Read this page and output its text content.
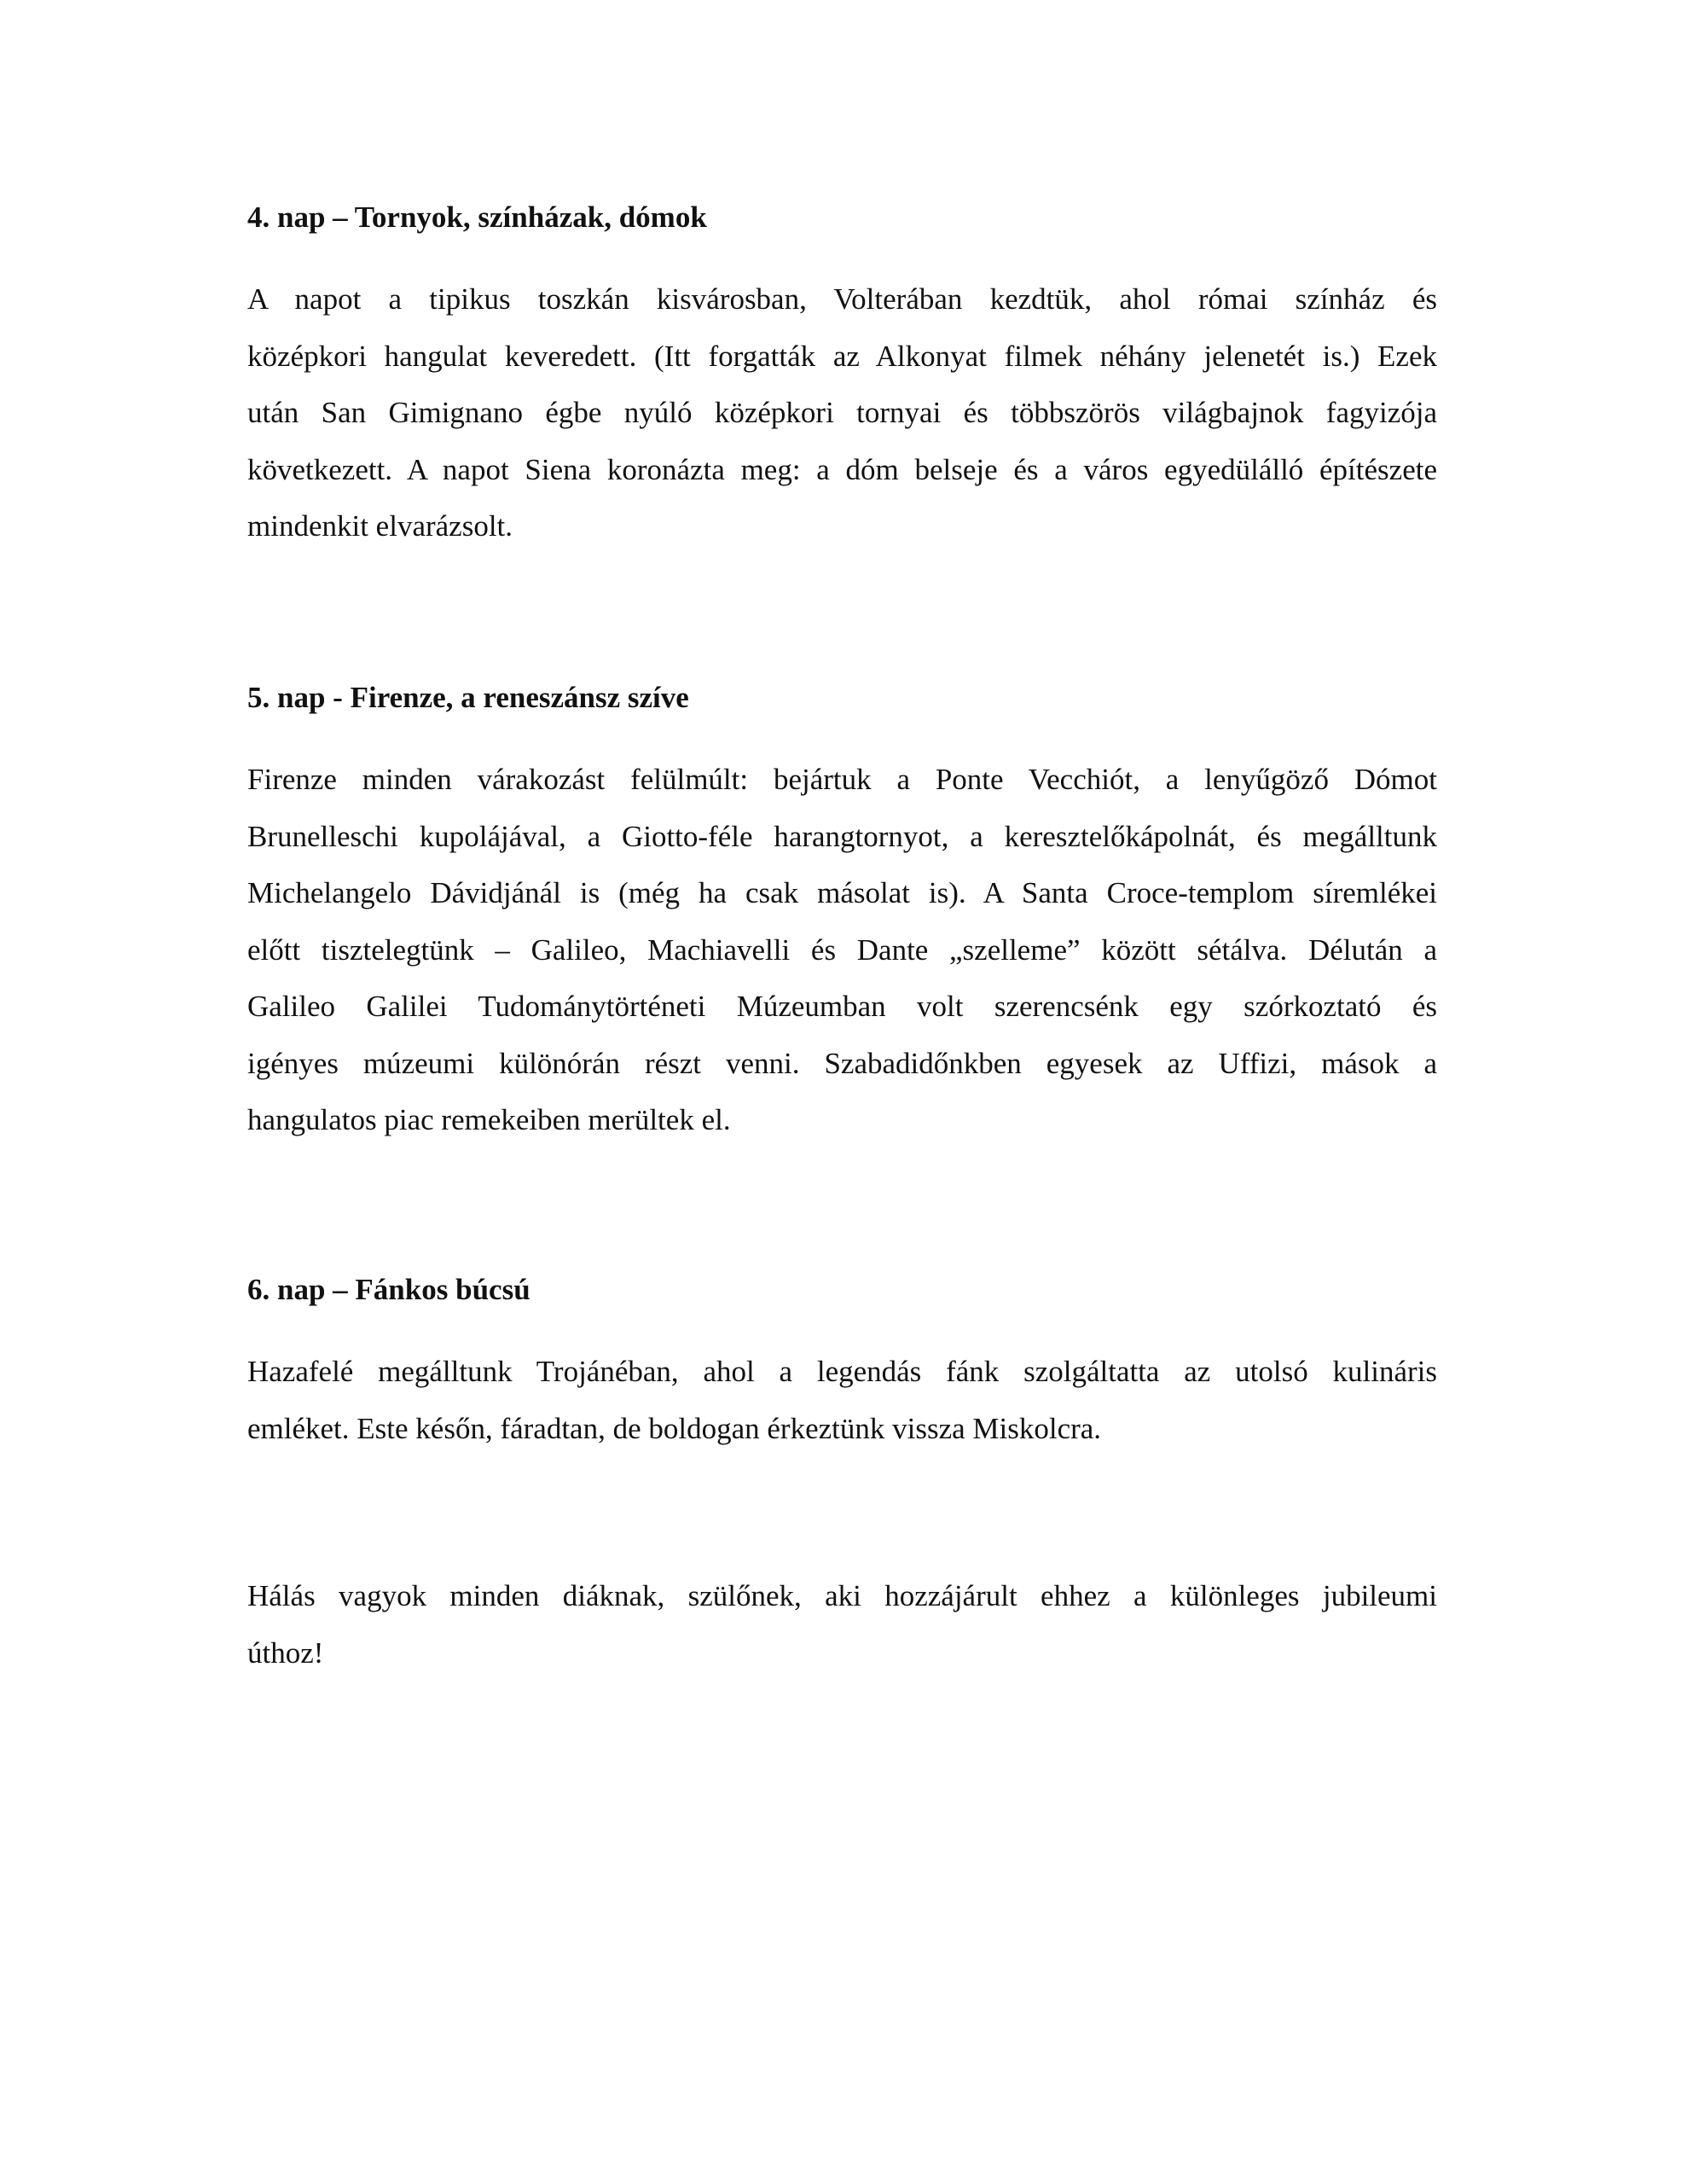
4. nap – Tornyok, színházak, dómok
A napot a tipikus toszkán kisvárosban, Volterában kezdtük, ahol római színház és
középkori hangulat keveredett. (Itt forgatták az Alkonyat filmek néhány jelenetét is.) Ezek
után San Gimignano égbe nyúló középkori tornyai és többszörös világbajnok fagyizója
következett. A napot Siena koronázta meg: a dóm belseje és a város egyedülálló építészete
mindenkit elvarázsolt.
5. nap - Firenze, a reneszánsz szíve
Firenze minden várakozást felülmúlt: bejártuk a Ponte Vecchiót, a lenyűgöző Dómot
Brunelleschi kupolájával, a Giotto-féle harangtornyot, a keresztelőkápolnát, és megálltunk
Michelangelo Dávidjánál is (még ha csak másolat is). A Santa Croce-templom síremlékei
előtt tisztelegtünk – Galileo, Machiavelli és Dante „szelleme” között sétálva. Délután a
Galileo Galilei Tudománytörténeti Múzeumban volt szerencsénk egy szórkoztató és
igényes múzeumi különórán részt venni. Szabadidőnkben egyesek az Uffizi, mások a
hangulatos piac remekeiben merültek el.
6. nap – Fánkos búcsú
Hazafelé megálltunk Trojánéban, ahol a legendás fánk szolgáltatta az utolsó kulináris
emléket. Este későn, fáradtan, de boldogan érkeztünk vissza Miskolcra.
Hálás vagyok minden diáknak, szülőnek, aki hozzájárult ehhez a különleges jubileumi
úthoz!
